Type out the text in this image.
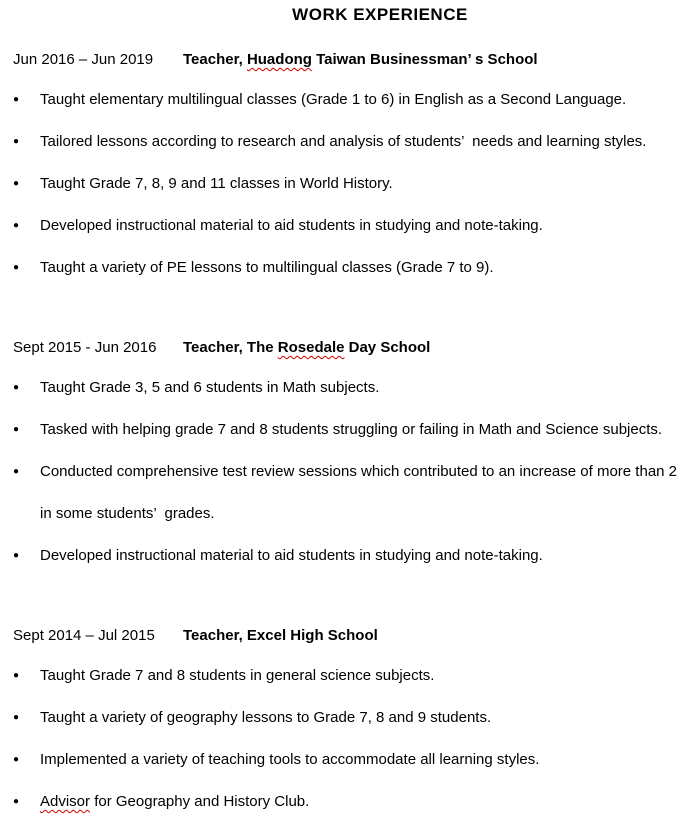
WORK EXPERIENCE
Jun 2016 – Jun 2019 Teacher, Huadong Taiwan Businessman’ s School
●	Taught elementary multilingual classes (Grade 1 to 6) in English as a Second Language.
●	Tailored lessons according to research and analysis of students’  needs and learning styles.
●	Taught Grade 7, 8, 9 and 11 classes in World History.
●	Developed instructional material to aid students in studying and note-taking.
●	Taught a variety of PE lessons to multilingual classes (Grade 7 to 9).
Sept 2015 - Jun 2016 Teacher, The Rosedale Day School
●	Taught Grade 3, 5 and 6 students in Math subjects.
●	Tasked with helping grade 7 and 8 students struggling or failing in Math and Science subjects.
●	Conducted comprehensive test review sessions which contributed to an increase of more than 2
in some students’  grades.
●	Developed instructional material to aid students in studying and note-taking.
Sept 2014 – Jul 2015 Teacher, Excel High School
●	Taught Grade 7 and 8 students in general science subjects.
●	Taught a variety of geography lessons to Grade 7, 8 and 9 students.
●	Implemented a variety of teaching tools to accommodate all learning styles.
●	Advisor for Geography and History Club.
